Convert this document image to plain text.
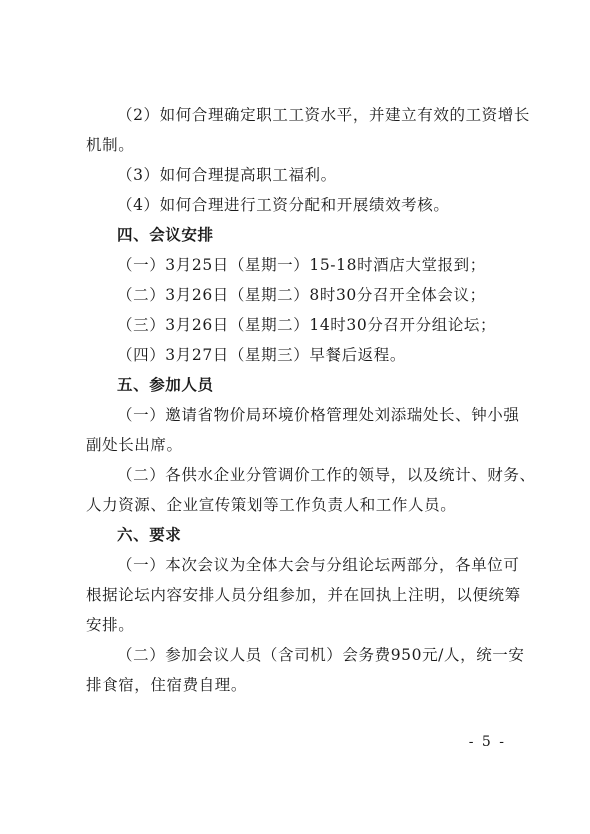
（2）如何合理确定职工工资水平，并建立有效的工资增长
机制。
（3）如何合理提高职工福利。
（4）如何合理进行工资分配和开展绩效考核。
四、会议安排
（一）3月25日（星期一）15-18时酒店大堂报到；
（二）3月26日（星期二）8时30分召开全体会议；
（三）3月26日（星期二）14时30分召开分组论坛；
（四）3月27日（星期三）早餐后返程。
五、参加人员
（一）邀请省物价局环境价格管理处刘添瑞处长、钟小强
副处长出席。
（二）各供水企业分管调价工作的领导，以及统计、财务、
人力资源、企业宣传策划等工作负责人和工作人员。
六、要求
（一）本次会议为全体大会与分组论坛两部分，各单位可
根据论坛内容安排人员分组参加，并在回执上注明，以便统筹
安排。
（二）参加会议人员（含司机）会务费950元/人，统一安
排食宿，住宿费自理。
- 5 -
